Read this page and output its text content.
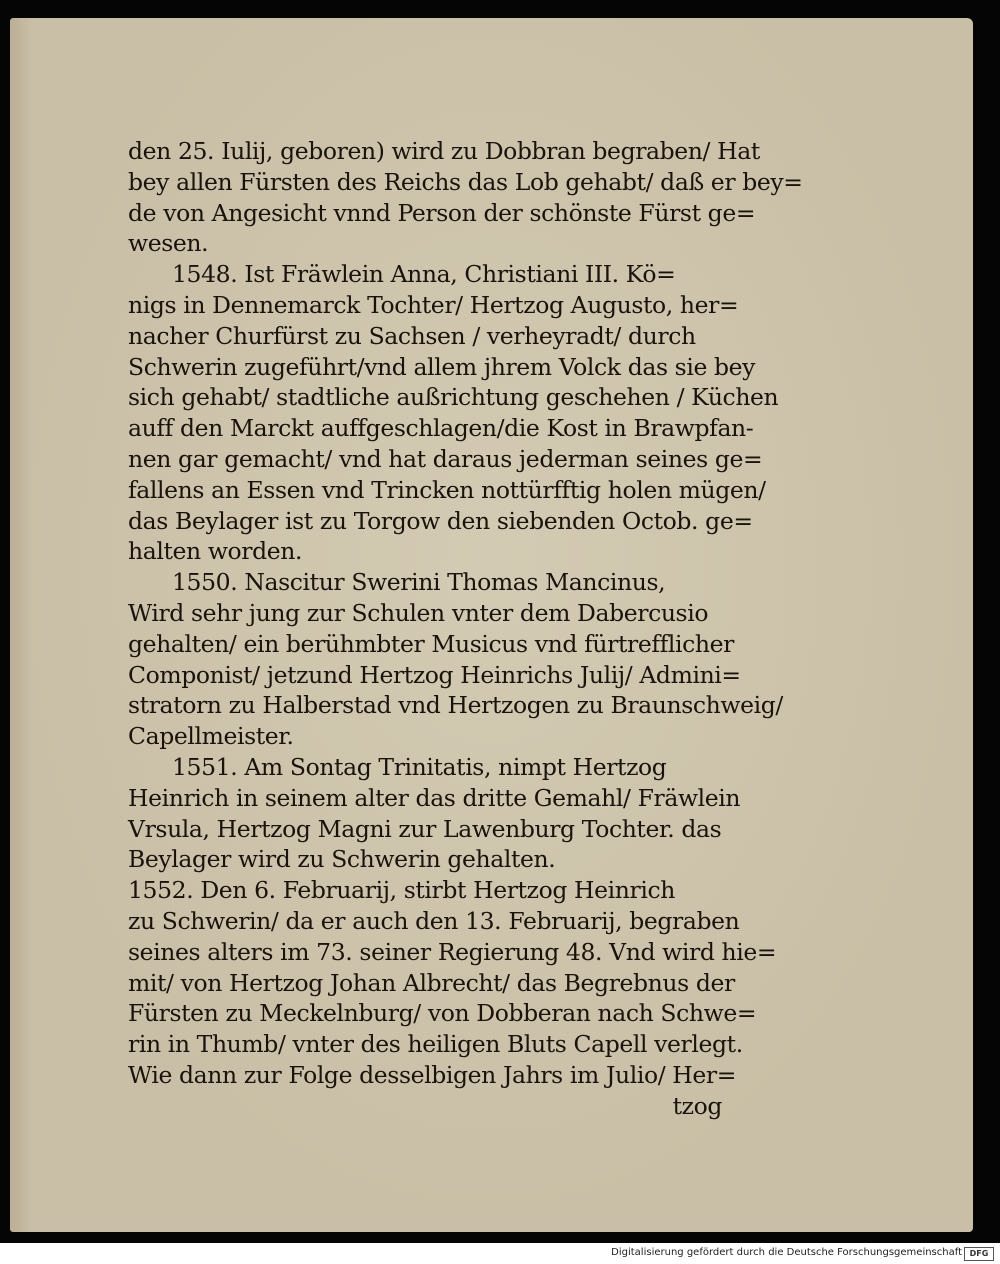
den 25. Iulij, geboren) wird zu Dobbran begraben/ Hat
bey allen Fürsten des Reichs das Lob gehabt/ daß er bey=
de von Angesicht vnnd Person der schönste Fürst ge=
wesen.
1548. Ist Fräwlein Anna, Christiani III. Kö=
nigs in Dennemarck Tochter/ Hertzog Augusto, her=
nacher Churfürst zu Sachsen / verheyradt/ durch
Schwerin zugeführt/vnd allem jhrem Volck das sie bey
sich gehabt/ stadtliche außrichtung geschehen / Küchen
auff den Marckt auffgeschlagen/die Kost in Brawpfan-
nen gar gemacht/ vnd hat daraus jederman seines ge=
fallens an Essen vnd Trincken nottürfftig holen mügen/
das Beylager ist zu Torgow den siebenden Octob. ge=
halten worden.
1550. Nascitur Swerini Thomas Mancinus,
Wird sehr jung zur Schulen vnter dem Dabercusio
gehalten/ ein berühmbter Musicus vnd fürtrefflicher
Componist/ jetzund Hertzog Heinrichs Julij/ Admini=
stratorn zu Halberstad vnd Hertzogen zu Braunschweig/
Capellmeister.
1551. Am Sontag Trinitatis, nimpt Hertzog
Heinrich in seinem alter das dritte Gemahl/ Fräwlein
Vrsula, Hertzog Magni zur Lawenburg Tochter. das
Beylager wird zu Schwerin gehalten.
1552. Den 6. Februarij, stirbt Hertzog Heinrich
zu Schwerin/ da er auch den 13. Februarij, begraben
seines alters im 73. seiner Regierung 48. Vnd wird hie=
mit/ von Hertzog Johan Albrecht/ das Begrebnus der
Fürsten zu Meckelnburg/ von Dobberan nach Schwe=
rin in Thumb/ vnter des heiligen Bluts Capell verlegt.
Wie dann zur Folge desselbigen Jahrs im Julio/ Her=
tzog
Digitalisierung gefördert durch die Deutsche Forschungsgemeinschaft DFG
